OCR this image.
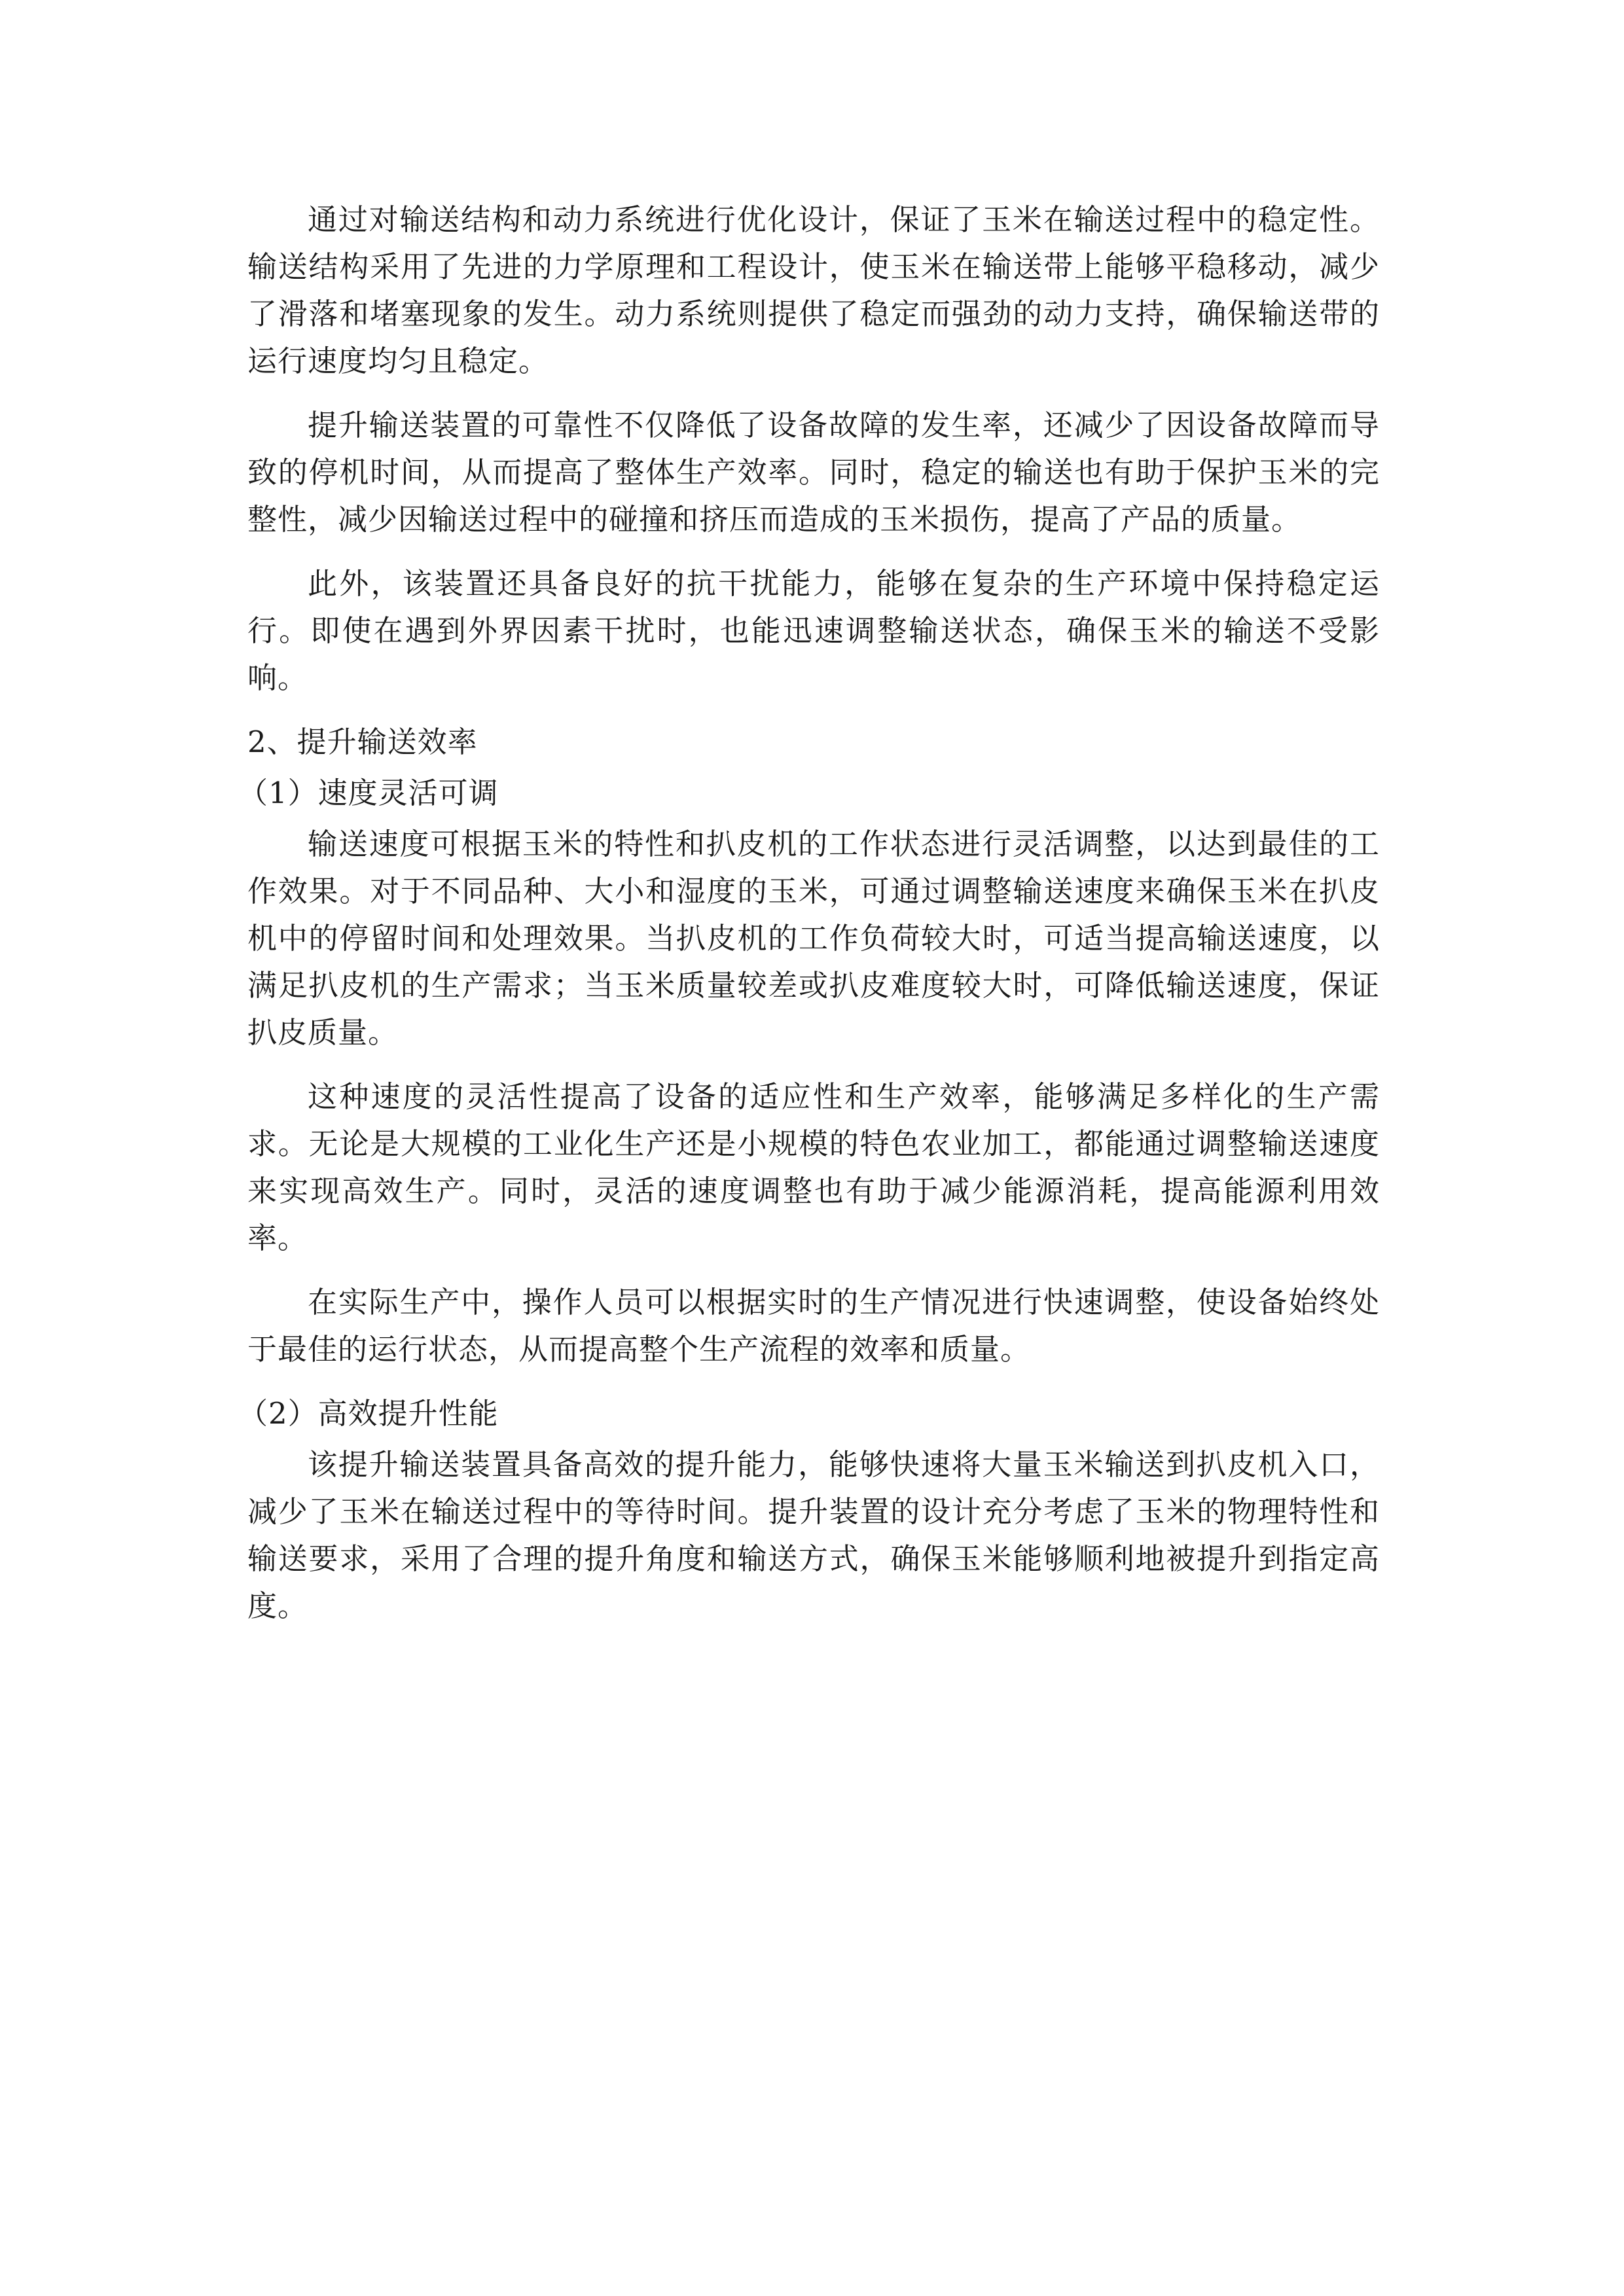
通过对输送结构和动力系统进行优化设计，保证了玉米在输送过程中的稳定性。输送结构采用了先进的力学原理和工程设计，使玉米在输送带上能够平稳移动，减少了滑落和堵塞现象的发生。动力系统则提供了稳定而强劲的动力支持，确保输送带的运行速度均匀且稳定。

提升输送装置的可靠性不仅降低了设备故障的发生率，还减少了因设备故障而导致的停机时间，从而提高了整体生产效率。同时，稳定的输送也有助于保护玉米的完整性，减少因输送过程中的碰撞和挤压而造成的玉米损伤，提高了产品的质量。

此外，该装置还具备良好的抗干扰能力，能够在复杂的生产环境中保持稳定运行。即使在遇到外界因素干扰时，也能迅速调整输送状态，确保玉米的输送不受影响。

2、提升输送效率

（1）速度灵活可调

输送速度可根据玉米的特性和扒皮机的工作状态进行灵活调整，以达到最佳的工作效果。对于不同品种、大小和湿度的玉米，可通过调整输送速度来确保玉米在扒皮机中的停留时间和处理效果。当扒皮机的工作负荷较大时，可适当提高输送速度，以满足扒皮机的生产需求；当玉米质量较差或扒皮难度较大时，可降低输送速度，保证扒皮质量。

这种速度的灵活性提高了设备的适应性和生产效率，能够满足多样化的生产需求。无论是大规模的工业化生产还是小规模的特色农业加工，都能通过调整输送速度来实现高效生产。同时，灵活的速度调整也有助于减少能源消耗，提高能源利用效率。

在实际生产中，操作人员可以根据实时的生产情况进行快速调整，使设备始终处于最佳的运行状态，从而提高整个生产流程的效率和质量。

（2）高效提升性能

该提升输送装置具备高效的提升能力，能够快速将大量玉米输送到扒皮机入口，减少了玉米在输送过程中的等待时间。提升装置的设计充分考虑了玉米的物理特性和输送要求，采用了合理的提升角度和输送方式，确保玉米能够顺利地被提升到指定高度。
